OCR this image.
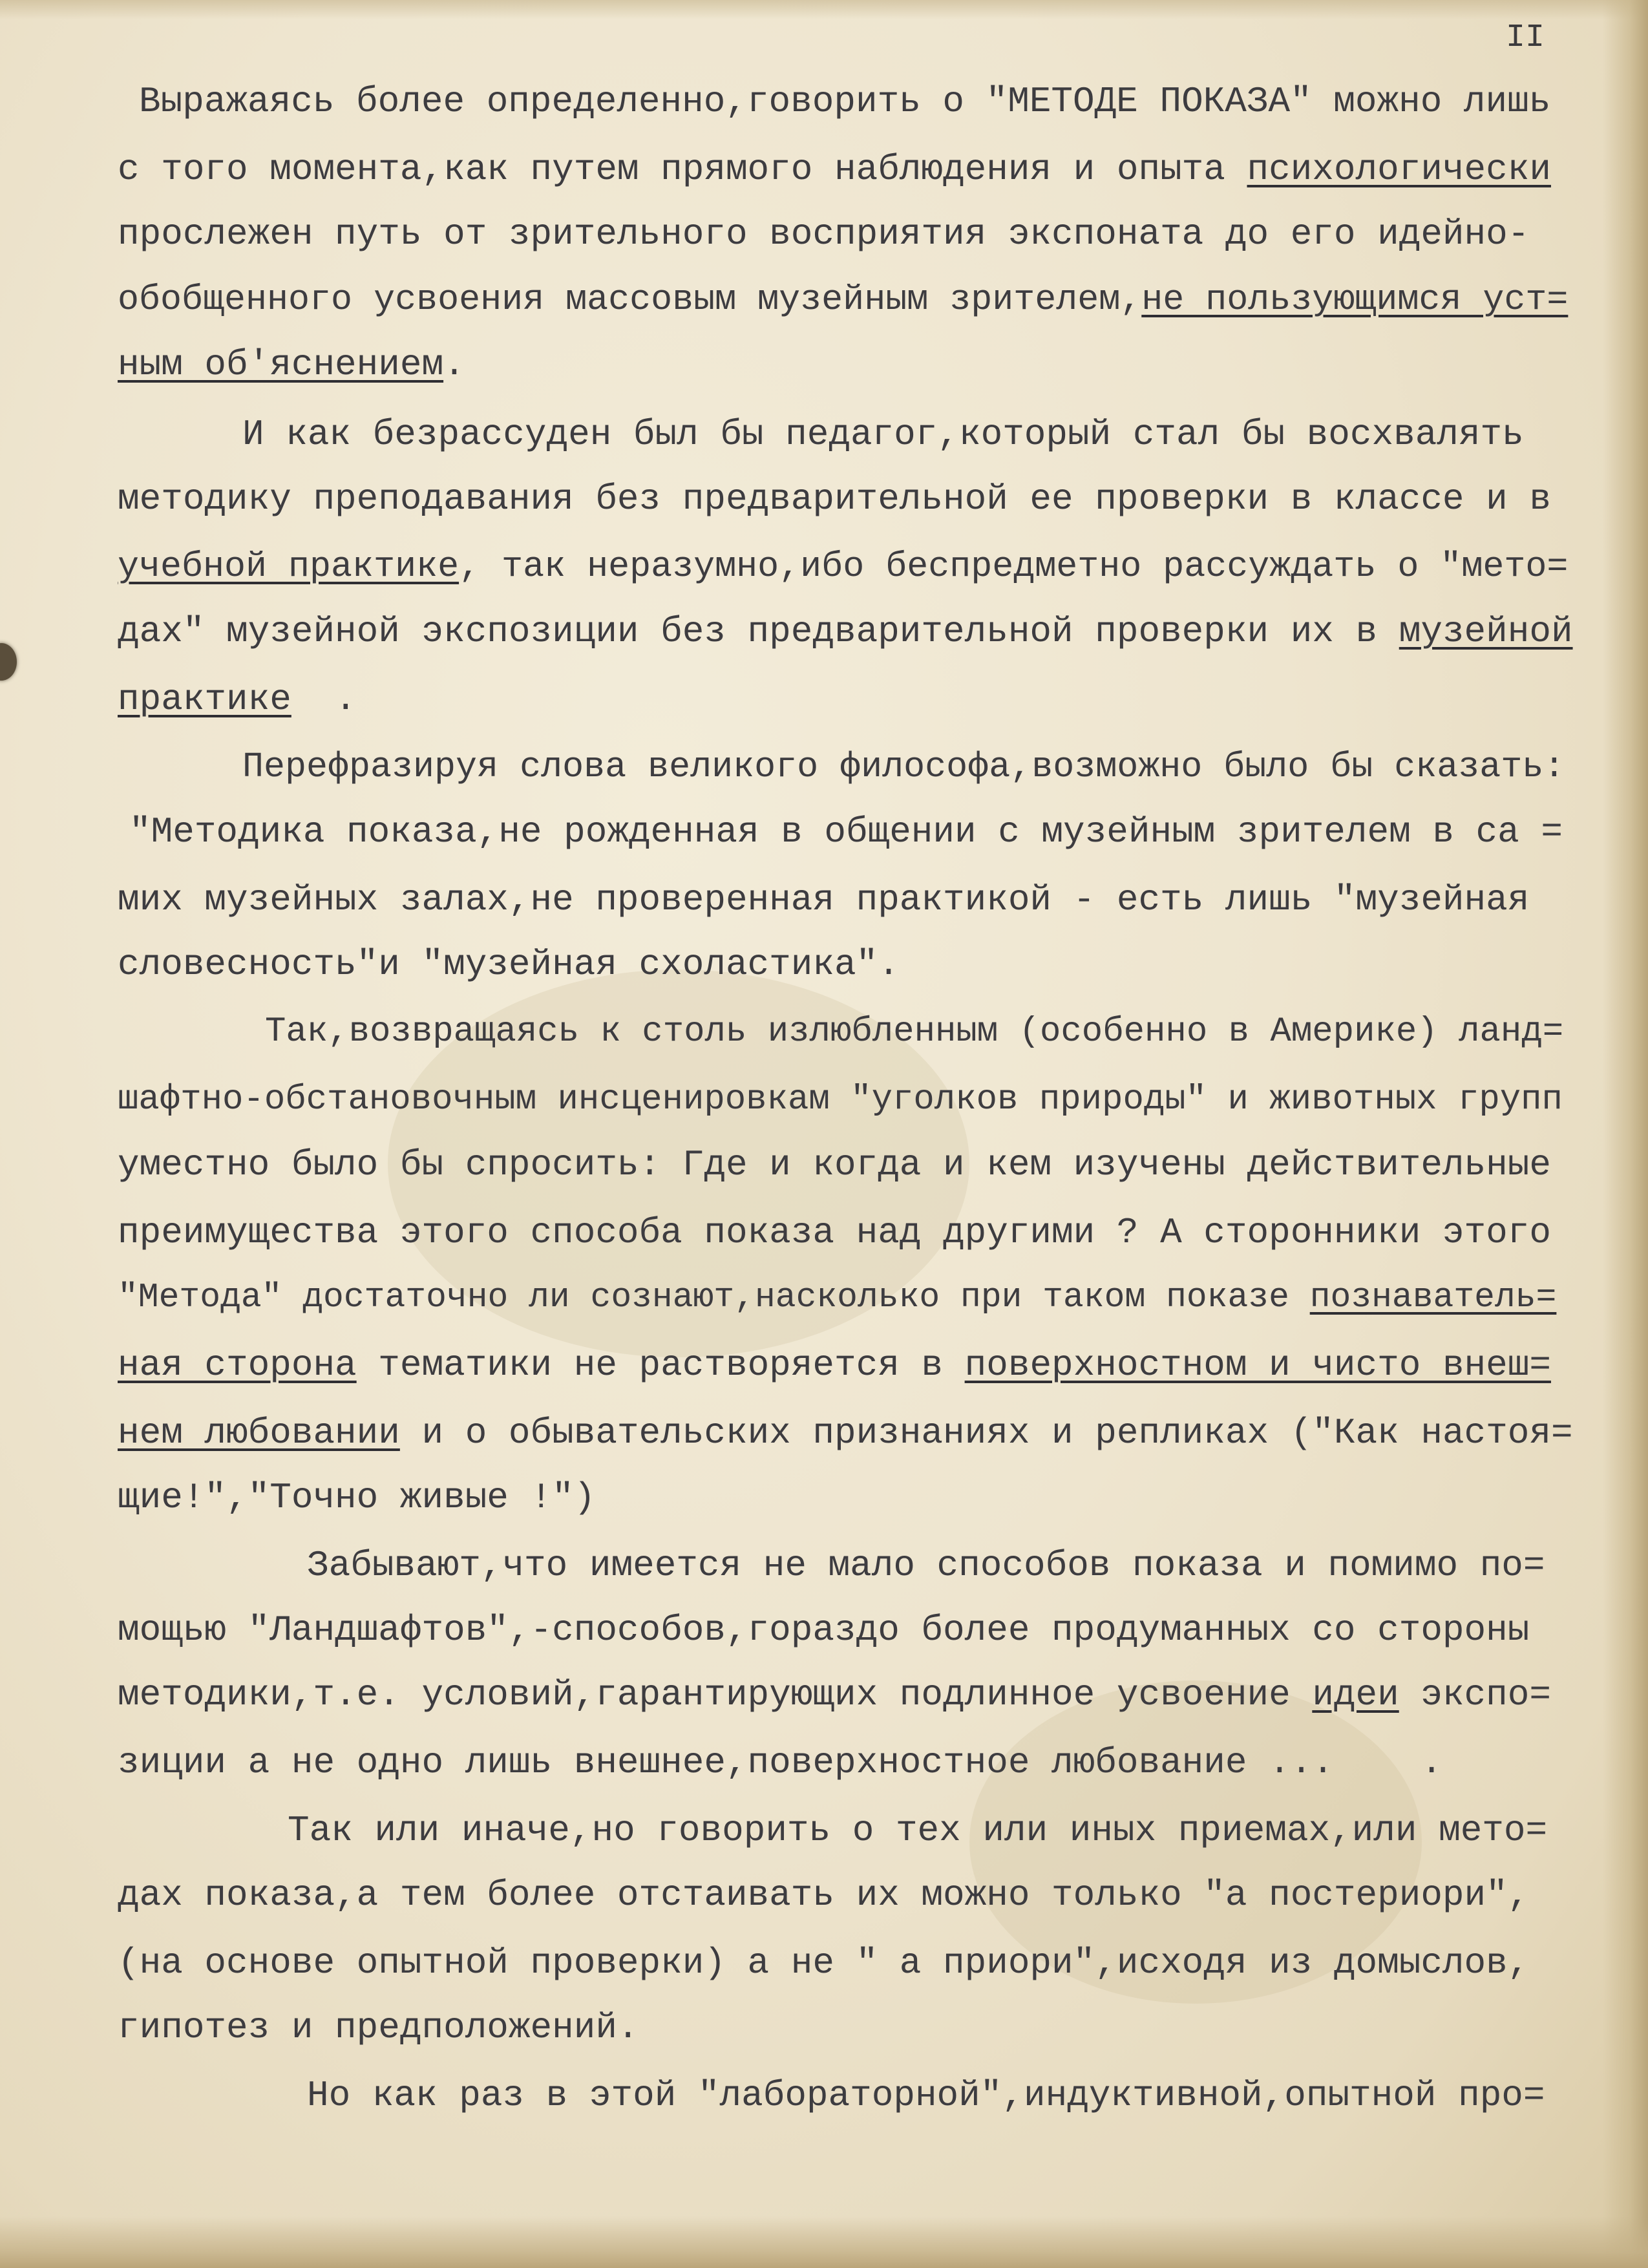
II
Выражаясь более определенно,говорить о "МЕТОДЕ ПОКАЗА" можно лишь
с того момента,как путем прямого наблюдения и опыта психологически
прослежен путь от зрительного восприятия экспоната до его идейно-
обобщенного усвоения массовым музейным зрителем,не пользующимся уст=
ным об'яснением.
И как безрассуден был бы педагог,который стал бы восхвалять
методику преподавания без предварительной ее проверки в классе и в
учебной практике, так неразумно,ибо беспредметно рассуждать о "мето=
дах" музейной экспозиции без предварительной проверки их в музейной
практике  .
Перефразируя слова великого философа,возможно было бы сказать:
"Методика показа,не рожденная в общении с музейным зрителем в са =
мих музейных залах,не проверенная практикой - есть лишь "музейная
словесность"и "музейная схоластика".
Так,возвращаясь к столь излюбленным (особенно в Америке) ланд=
шафтно-обстановочным инсценировкам "уголков природы" и животных групп
уместно было бы спросить: Где и когда и кем изучены действительные
преимущества этого способа показа над другими ? А сторонники этого
"Метода" достаточно ли сознают,насколько при таком показе познаватель=
ная сторона тематики не растворяется в поверхностном и чисто внеш=
нем любовании и о обывательских признаниях и репликах ("Как настоя=
щие!","Точно живые !")
Забывают,что имеется не мало способов показа и помимо по=
мощью "Ландшафтов",-способов,гораздо более продуманных со стороны
методики,т.е. условий,гарантирующих подлинное усвоение идеи экспо=
зиции а не одно лишь внешнее,поверхностное любование ...    .
Так или иначе,но говорить о тех или иных приемах,или мето=
дах показа,а тем более отстаивать их можно только "а постериори",
(на основе опытной проверки) а не " а приори",исходя из домыслов,
гипотез и предположений.
Но как раз в этой "лабораторной",индуктивной,опытной про=
